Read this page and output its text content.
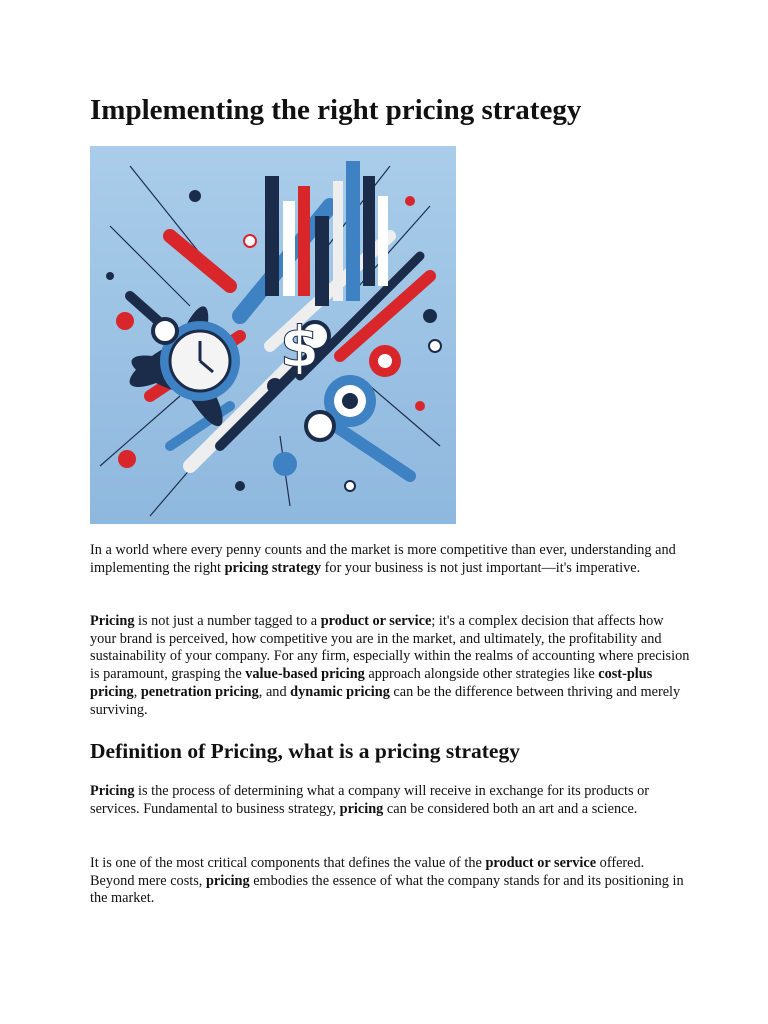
Implementing the right pricing strategy
$

In a world where every penny counts and the market is more competitive than ever, understanding and implementing the right pricing strategy for your business is not just important—it's imperative.

Pricing is not just a number tagged to a product or service; it's a complex decision that affects how your brand is perceived, how competitive you are in the market, and ultimately, the profitability and sustainability of your company. For any firm, especially within the realms of accounting where precision is paramount, grasping the value-based pricing approach alongside other strategies like cost-plus pricing, penetration pricing, and dynamic pricing can be the difference between thriving and merely surviving.

Definition of Pricing, what is a pricing strategy

Pricing is the process of determining what a company will receive in exchange for its products or services. Fundamental to business strategy, pricing can be considered both an art and a science.

It is one of the most critical components that defines the value of the product or service offered. Beyond mere costs, pricing embodies the essence of what the company stands for and its positioning in the market.
